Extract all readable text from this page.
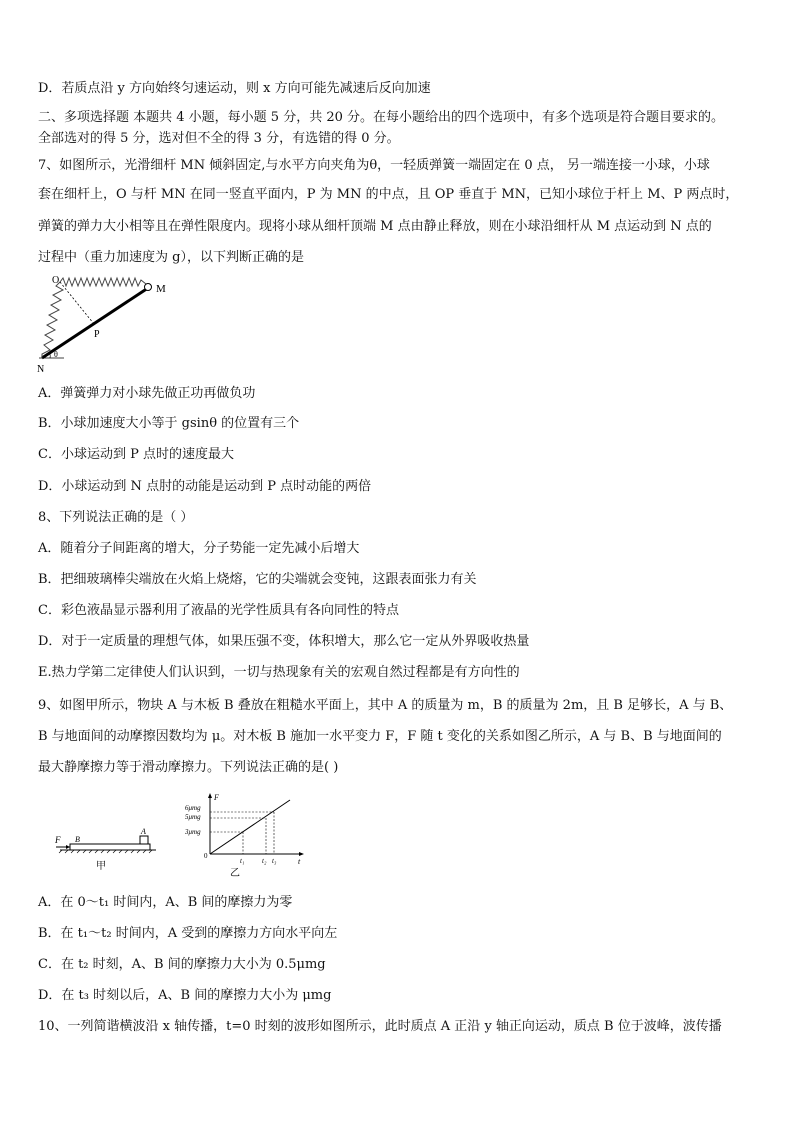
D．若质点沿 y 方向始终匀速运动，则 x 方向可能先减速后反向加速
二、多项选择题 本题共 4 小题，每小题 5 分，共 20 分。在每小题给出的四个选项中，有多个选项是符合题目要求的。
全部选对的得 5 分，选对但不全的得 3 分，有选错的得 0 分。
7、如图所示，光滑细杆 MN 倾斜固定,与水平方向夹角为θ，一轻质弹簧一端固定在 0 点， 另一端连接一小球，小球
套在细杆上，O 与杆 MN 在同一竖直平面内，P 为 MN 的中点，且 OP 垂直于 MN，已知小球位于杆上 M、P 两点时，
弹簧的弹力大小相等且在弹性限度内。现将小球从细杆顶端 M 点由静止释放，则在小球沿细杆从 M 点运动到 N 点的
过程中（重力加速度为 g），以下判断正确的是
O
M
P
N
θ
A．弹簧弹力对小球先做正功再做负功
B．小球加速度大小等于 gsinθ 的位置有三个
C．小球运动到 P 点时的速度最大
D．小球运动到 N 点肘的动能是运动到 P 点时动能的两倍
8、下列说法正确的是（ ）
A．随着分子间距离的增大，分子势能一定先减小后增大
B．把细玻璃棒尖端放在火焰上烧熔，它的尖端就会变钝，这跟表面张力有关
C．彩色液晶显示器利用了液晶的光学性质具有各向同性的特点
D．对于一定质量的理想气体，如果压强不变，体积增大，那么它一定从外界吸收热量
E.热力学第二定律使人们认识到，一切与热现象有关的宏观自然过程都是有方向性的
9、如图甲所示，物块 A 与木板 B 叠放在粗糙水平面上，其中 A 的质量为 m，B 的质量为 2m，且 B 足够长，A 与 B、
B 与地面间的动摩擦因数均为 μ。对木板 B 施加一水平变力 F，F 随 t 变化的关系如图乙所示，A 与 B、B 与地面间的
最大静摩擦力等于滑动摩擦力。下列说法正确的是( )
F B
A
甲
F
t
0
6μmg
5μmg
3μmg
t₁	t₂ t₃
乙
A．在 0～t₁ 时间内，A、B 间的摩擦力为零
B．在 t₁～t₂ 时间内，A 受到的摩擦力方向水平向左
C．在 t₂ 时刻，A、B 间的摩擦力大小为 0.5μmg
D．在 t₃ 时刻以后，A、B 间的摩擦力大小为 μmg
10、一列简谐横波沿 x 轴传播，t=0 时刻的波形如图所示，此时质点 A 正沿 y 轴正向运动，质点 B 位于波峰，波传播
